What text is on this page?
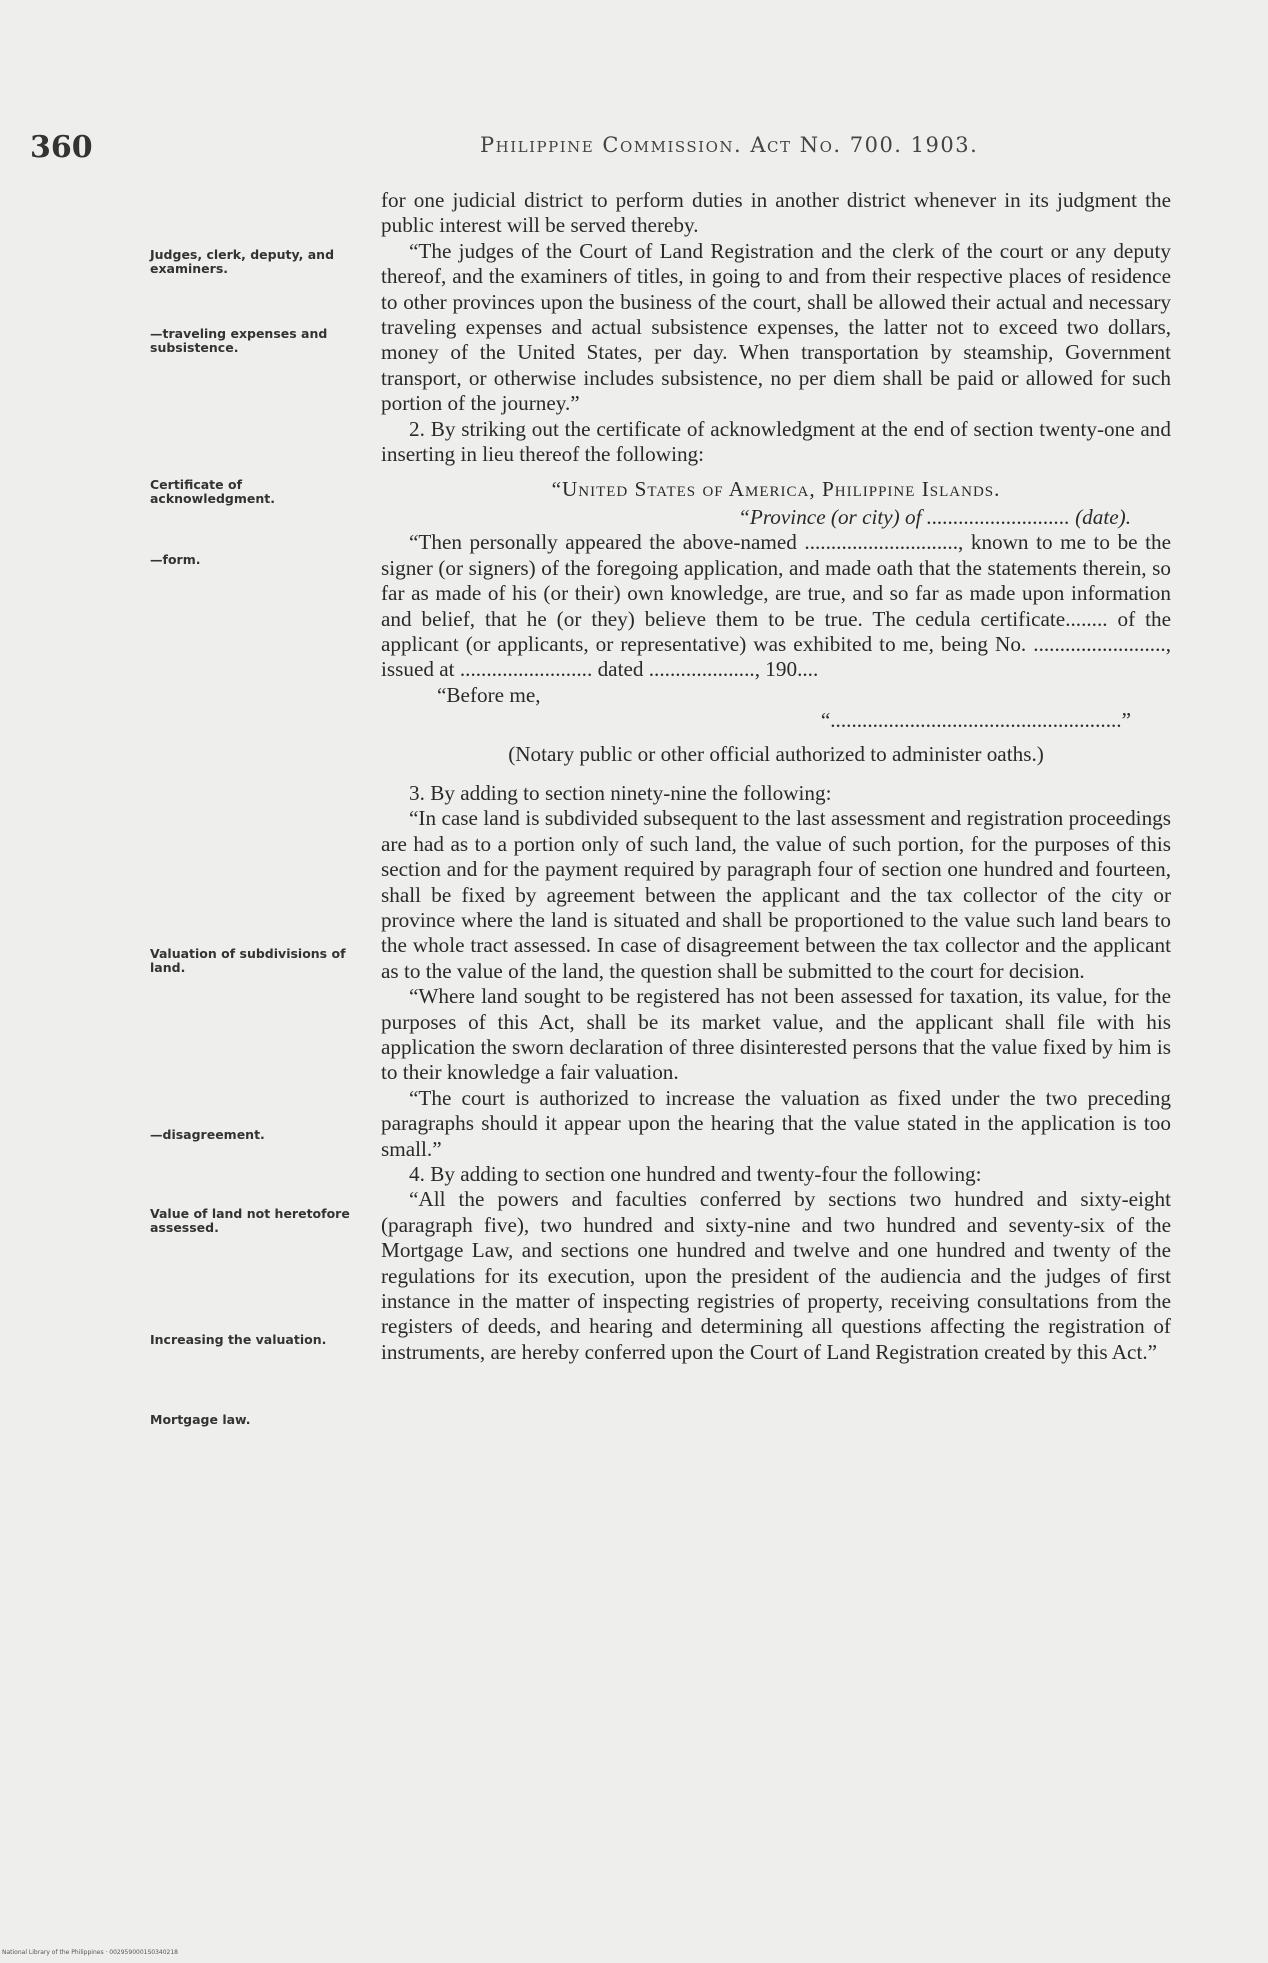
360	Philippine Commission. Act No. 700. 1903.
Judges, clerk, deputy, and examiners.
—traveling expenses and subsistence.
Certificate of acknowledgment.
—form.
Valuation of subdivisions of land.
—disagreement.
Value of land not heretofore assessed.
Increasing the valuation.
Mortgage law.

for one judicial district to perform duties in another district whenever in its judgment the public interest will be served thereby.

“The judges of the Court of Land Registration and the clerk of the court or any deputy thereof, and the examiners of titles, in going to and from their respective places of residence to other provinces upon the business of the court, shall be allowed their actual and necessary traveling expenses and actual subsistence expenses, the latter not to exceed two dollars, money of the United States, per day. When transportation by steamship, Government transport, or otherwise includes subsistence, no per diem shall be paid or allowed for such portion of the journey.”

2. By striking out the certificate of acknowledgment at the end of section twenty-one and inserting in lieu thereof the following:

“United States of America, Philippine Islands.

“Province (or city) of ........................... (date).

“Then personally appeared the above-named ............................., known to me to be the signer (or signers) of the foregoing application, and made oath that the statements therein, so far as made of his (or their) own knowledge, are true, and so far as made upon information and belief, that he (or they) believe them to be true. The cedula certificate........ of the applicant (or applicants, or representative) was exhibited to me, being No. ........................., issued at ......................... dated ...................., 190....

“Before me,

“.......................................................”

(Notary public or other official authorized to administer oaths.)

3. By adding to section ninety-nine the following:

“In case land is subdivided subsequent to the last assessment and registration proceedings are had as to a portion only of such land, the value of such portion, for the purposes of this section and for the payment required by paragraph four of section one hundred and fourteen, shall be fixed by agreement between the applicant and the tax collector of the city or province where the land is situated and shall be proportioned to the value such land bears to the whole tract assessed. In case of disagreement between the tax collector and the applicant as to the value of the land, the question shall be submitted to the court for decision.

“Where land sought to be registered has not been assessed for taxation, its value, for the purposes of this Act, shall be its market value, and the applicant shall file with his application the sworn declaration of three disinterested persons that the value fixed by him is to their knowledge a fair valuation.

“The court is authorized to increase the valuation as fixed under the two preceding paragraphs should it appear upon the hearing that the value stated in the application is too small.”

4. By adding to section one hundred and twenty-four the following:

“All the powers and faculties conferred by sections two hundred and sixty-eight (paragraph five), two hundred and sixty-nine and two hundred and seventy-six of the Mortgage Law, and sections one hundred and twelve and one hundred and twenty of the regulations for its execution, upon the president of the audiencia and the judges of first instance in the matter of inspecting registries of property, receiving consultations from the registers of deeds, and hearing and determining all questions affecting the registration of instruments, are hereby conferred upon the Court of Land Registration created by this Act.”

National Library of the Philippines · 0029590001S0340218
